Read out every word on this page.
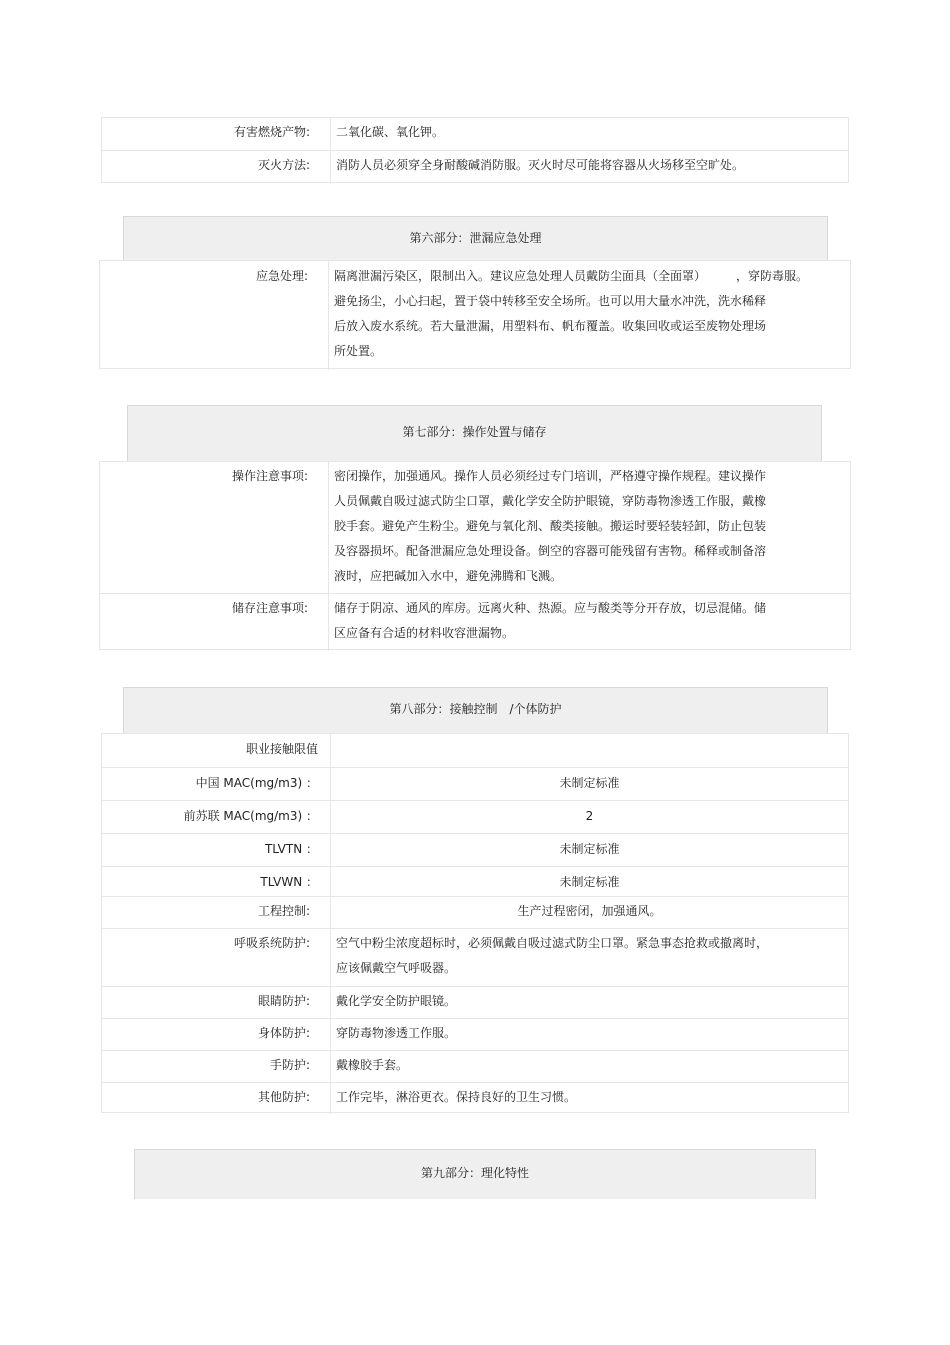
有害燃烧产物:	二氧化碳、氧化钾。
灭火方法:	消防人员必须穿全身耐酸碱消防服。灭火时尽可能将容器从火场移至空旷处。
第六部分：泄漏应急处理
应急处理:	隔离泄漏污染区，限制出入。建议应急处理人员戴防尘面具（全面罩）　　　，穿防毒服。
避免扬尘，小心扫起，置于袋中转移至安全场所。也可以用大量水冲洗，洗水稀释
后放入废水系统。若大量泄漏，用塑料布、帆布覆盖。收集回收或运至废物处理场
所处置。
第七部分：操作处置与储存
操作注意事项:	密闭操作，加强通风。操作人员必须经过专门培训，严格遵守操作规程。建议操作
人员佩戴自吸过滤式防尘口罩，戴化学安全防护眼镜，穿防毒物渗透工作服，戴橡
胶手套。避免产生粉尘。避免与氧化剂、酸类接触。搬运时要轻装轻卸，防止包装
及容器损坏。配备泄漏应急处理设备。倒空的容器可能残留有害物。稀释或制备溶
液时，应把碱加入水中，避免沸腾和飞溅。
储存注意事项:	储存于阴凉、通风的库房。远离火种、热源。应与酸类等分开存放，切忌混储。储
区应备有合适的材料收容泄漏物。
第八部分：接触控制　/个体防护
职业接触限值
中国 MAC(mg/m3) ：	未制定标准
前苏联 MAC(mg/m3) ：	2
TLVTN ：	未制定标准
TLVWN ：	未制定标准
工程控制:	生产过程密闭，加强通风。
呼吸系统防护:	空气中粉尘浓度超标时，必须佩戴自吸过滤式防尘口罩。紧急事态抢救或撤离时，
应该佩戴空气呼吸器。
眼睛防护:	戴化学安全防护眼镜。
身体防护:	穿防毒物渗透工作服。
手防护:	戴橡胶手套。
其他防护:	工作完毕，淋浴更衣。保持良好的卫生习惯。
第九部分：理化特性
